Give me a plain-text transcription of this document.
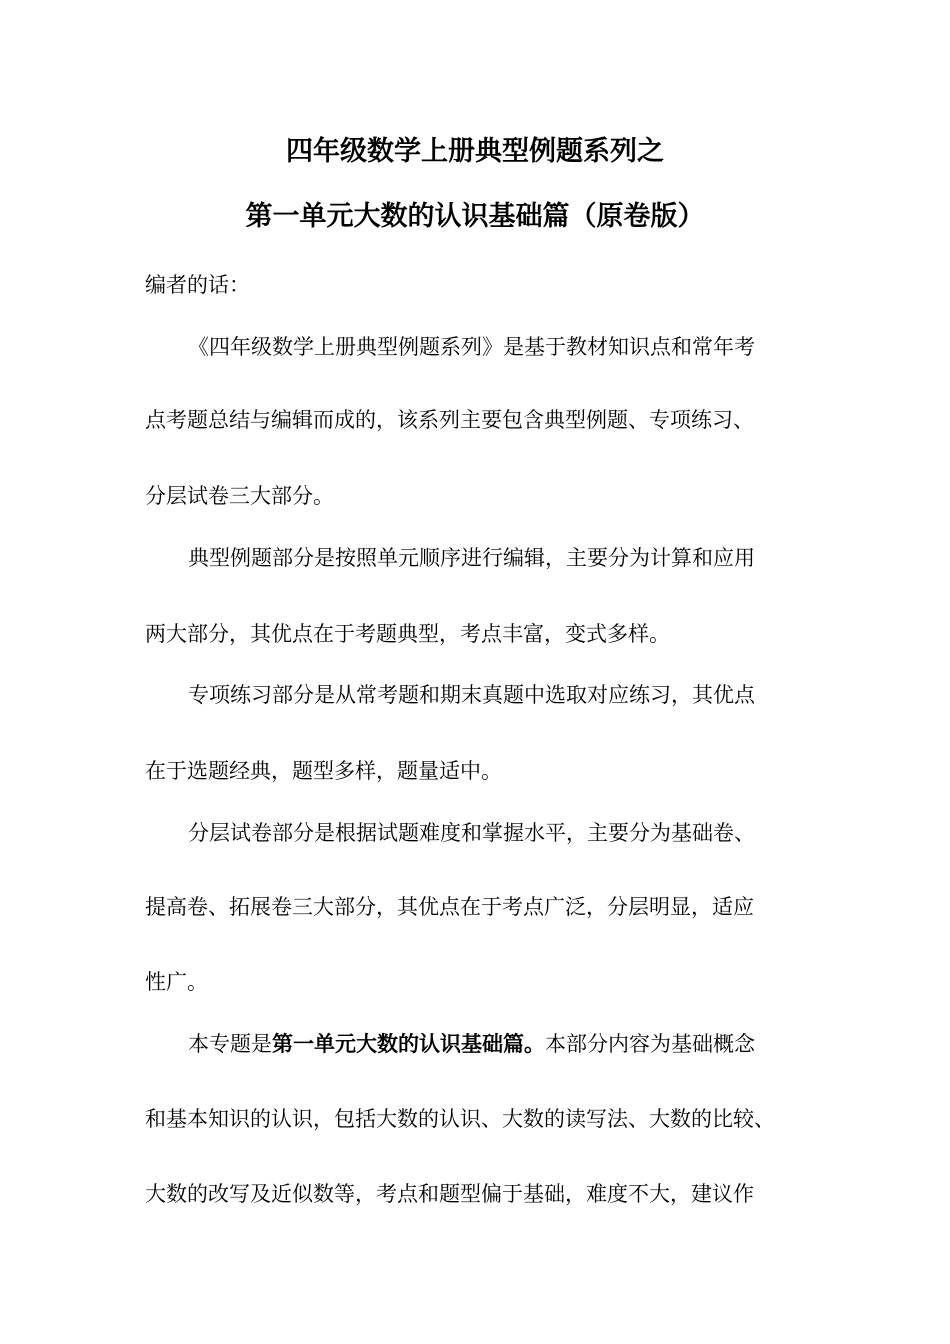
四年级数学上册典型例题系列之
第一单元大数的认识基础篇（原卷版）
编者的话：
《四年级数学上册典型例题系列》是基于教材知识点和常年考
点考题总结与编辑而成的，该系列主要包含典型例题、专项练习、
分层试卷三大部分。
典型例题部分是按照单元顺序进行编辑，主要分为计算和应用
两大部分，其优点在于考题典型，考点丰富，变式多样。
专项练习部分是从常考题和期末真题中选取对应练习，其优点
在于选题经典，题型多样，题量适中。
分层试卷部分是根据试题难度和掌握水平，主要分为基础卷、
提高卷、拓展卷三大部分，其优点在于考点广泛，分层明显，适应
性广。
本专题是第一单元大数的认识基础篇。本部分内容为基础概念
和基本知识的认识，包括大数的认识、大数的读写法、大数的比较、
大数的改写及近似数等，考点和题型偏于基础，难度不大，建议作
